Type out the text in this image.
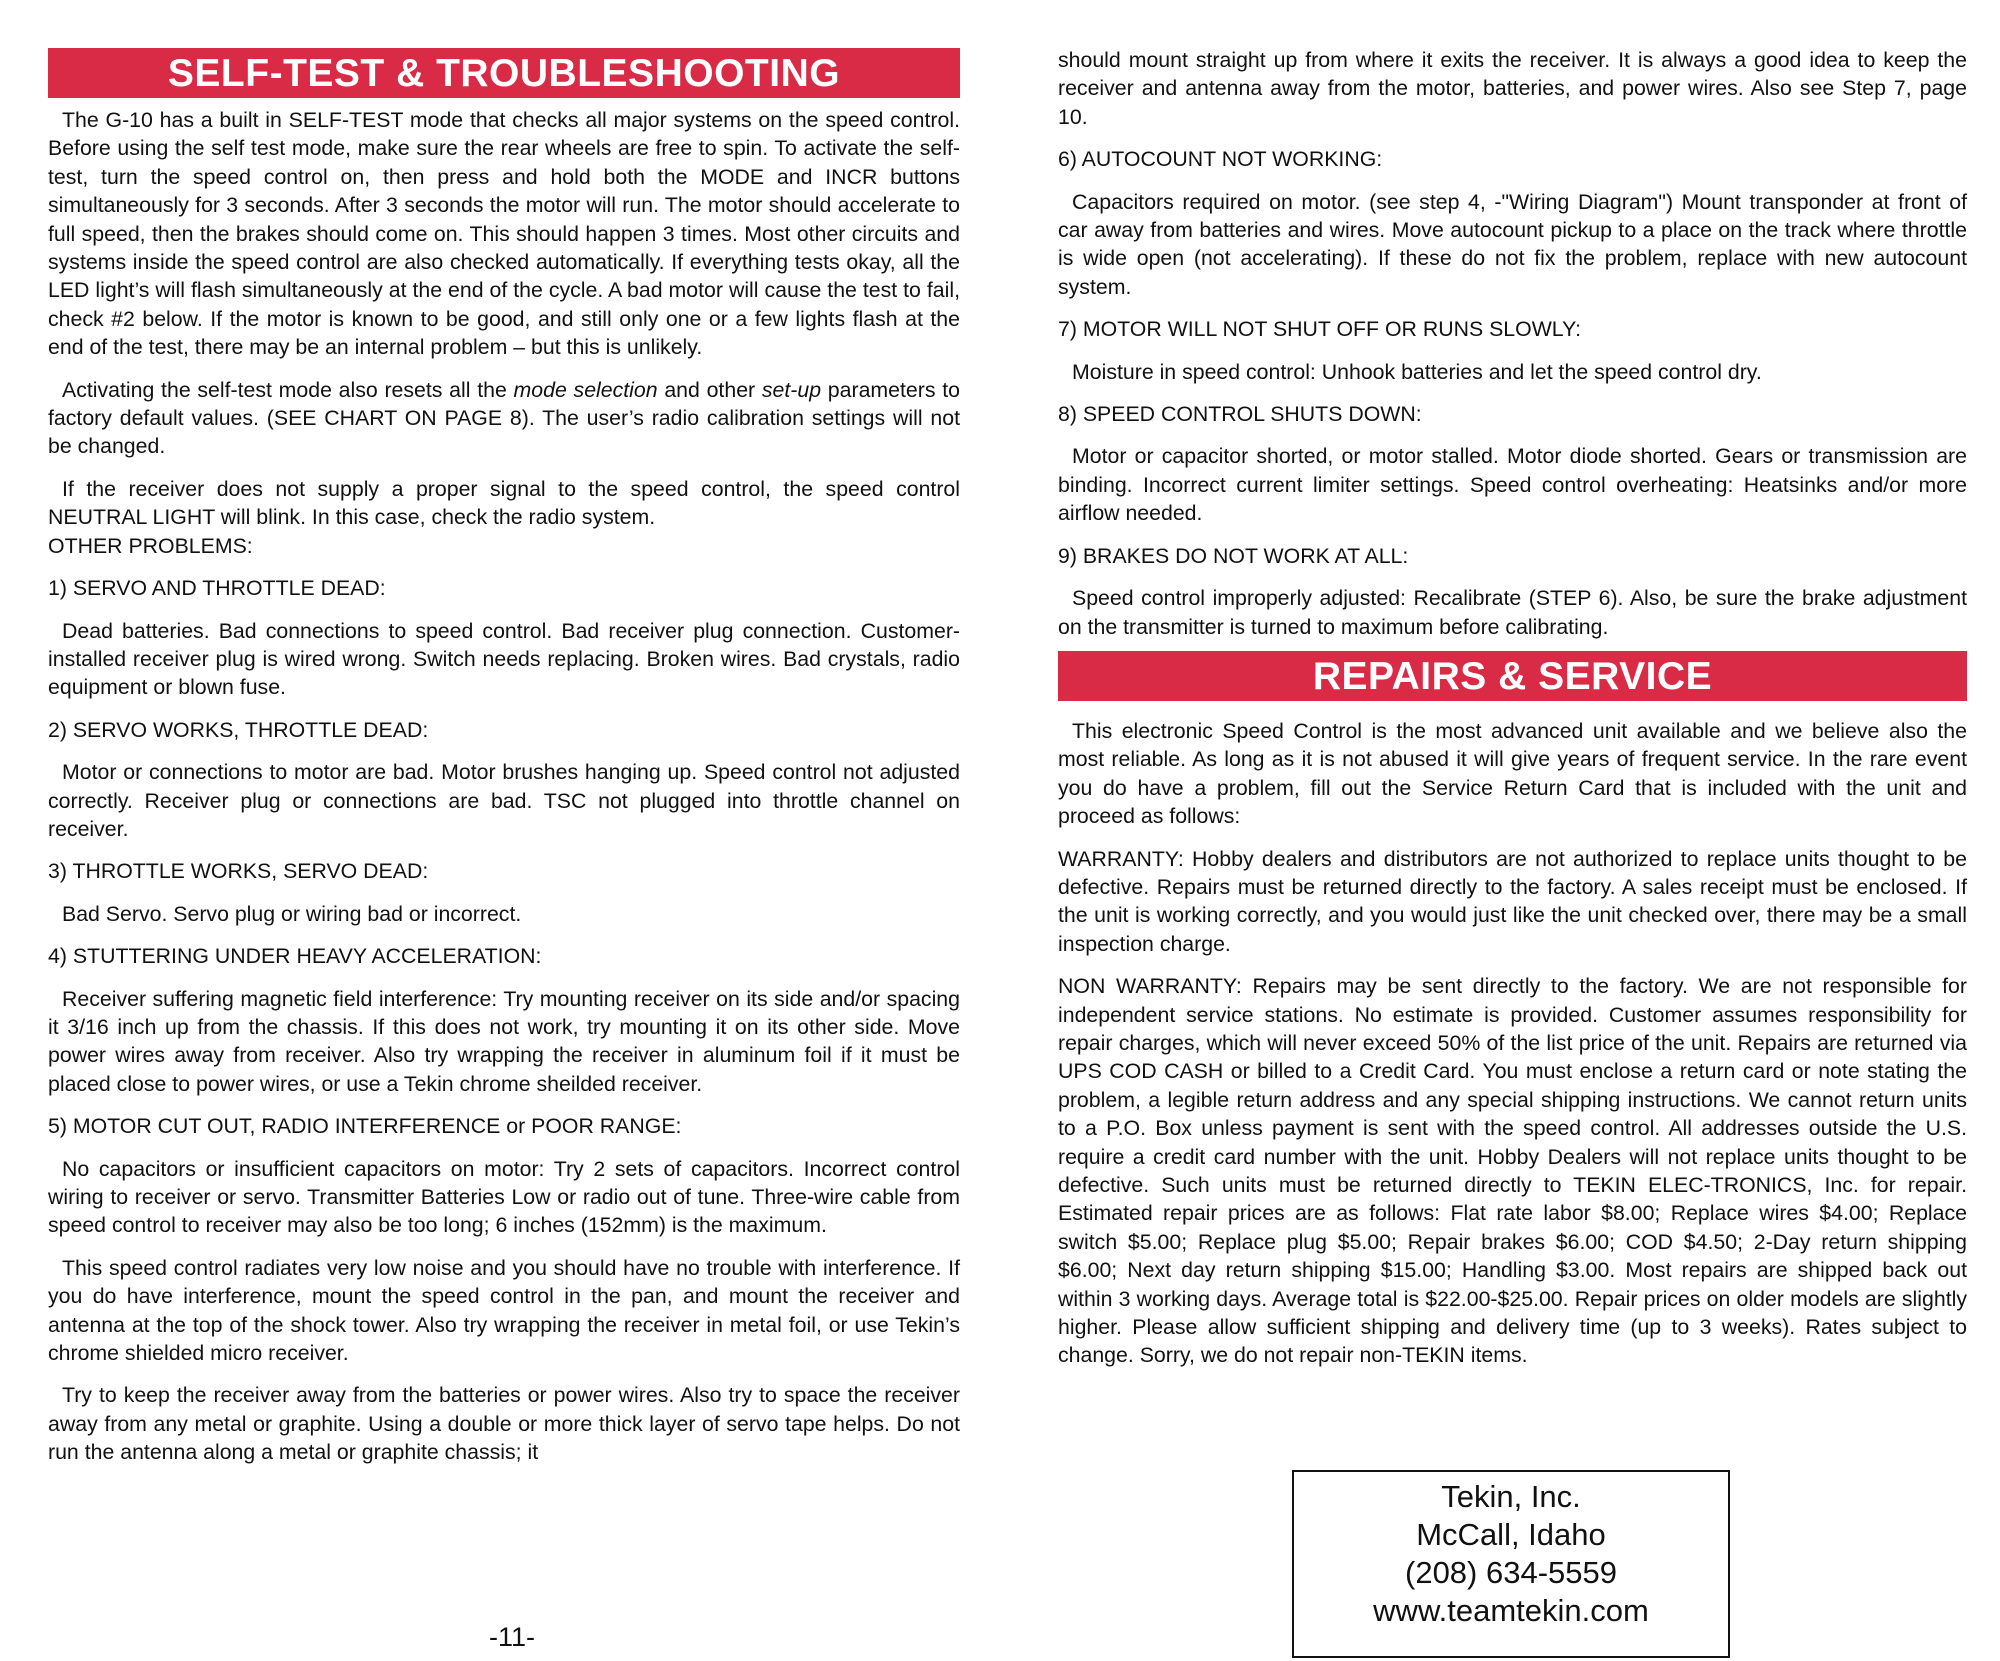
SELF-TEST & TROUBLESHOOTING

The G-10 has a built in SELF-TEST mode that checks all major systems on the speed control. Before using the self test mode, make sure the rear wheels are free to spin. To activate the self-test, turn the speed control on, then press and hold both the MODE and INCR buttons simultaneously for 3 seconds. After 3 seconds the motor will run. The motor should accelerate to full speed, then the brakes should come on. This should happen 3 times. Most other circuits and systems inside the speed control are also checked automatically. If everything tests okay, all the LED light’s will flash simultaneously at the end of the cycle. A bad motor will cause the test to fail, check #2 below. If the motor is known to be good, and still only one or a few lights flash at the end of the test, there may be an internal problem – but this is unlikely.

Activating the self-test mode also resets all the mode selection and other set-up parameters to factory default values. (SEE CHART ON PAGE 8). The user’s radio calibration settings will not be changed.

If the receiver does not supply a proper signal to the speed control, the speed control NEUTRAL LIGHT will blink. In this case, check the radio system.

OTHER PROBLEMS:

1) SERVO AND THROTTLE DEAD:

Dead batteries. Bad connections to speed control. Bad receiver plug connection. Customer-installed receiver plug is wired wrong. Switch needs replacing. Broken wires. Bad crystals, radio equipment or blown fuse.

2) SERVO WORKS, THROTTLE DEAD:

Motor or connections to motor are bad. Motor brushes hanging up. Speed control not adjusted correctly. Receiver plug or connections are bad. TSC not plugged into throttle channel on receiver.

3) THROTTLE WORKS, SERVO DEAD:

Bad Servo. Servo plug or wiring bad or incorrect.

4) STUTTERING UNDER HEAVY ACCELERATION:

Receiver suffering magnetic field interference: Try mounting receiver on its side and/or spacing it 3/16 inch up from the chassis. If this does not work, try mounting it on its other side. Move power wires away from receiver. Also try wrapping the receiver in aluminum foil if it must be placed close to power wires, or use a Tekin chrome sheilded receiver.

5) MOTOR CUT OUT, RADIO INTERFERENCE or POOR RANGE:

No capacitors or insufficient capacitors on motor: Try 2 sets of capacitors. Incorrect control wiring to receiver or servo. Transmitter Batteries Low or radio out of tune. Three-wire cable from speed control to receiver may also be too long; 6 inches (152mm) is the maximum.

This speed control radiates very low noise and you should have no trouble with interference. If you do have interference, mount the speed control in the pan, and mount the receiver and antenna at the top of the shock tower. Also try wrapping the receiver in metal foil, or use Tekin’s chrome shielded micro receiver.

Try to keep the receiver away from the batteries or power wires. Also try to space the receiver away from any metal or graphite. Using a double or more thick layer of servo tape helps. Do not run the antenna along a metal or graphite chassis; it

-11-

should mount straight up from where it exits the receiver. It is always a good idea to keep the receiver and antenna away from the motor, batteries, and power wires. Also see Step 7, page 10.

6) AUTOCOUNT NOT WORKING:

Capacitors required on motor. (see step 4, -"Wiring Diagram") Mount transponder at front of car away from batteries and wires. Move autocount pickup to a place on the track where throttle is wide open (not accelerating). If these do not fix the problem, replace with new autocount system.

7) MOTOR WILL NOT SHUT OFF OR RUNS SLOWLY:

Moisture in speed control: Unhook batteries and let the speed control dry.

8) SPEED CONTROL SHUTS DOWN:

Motor or capacitor shorted, or motor stalled. Motor diode shorted. Gears or transmission are binding. Incorrect current limiter settings. Speed control overheating: Heatsinks and/or more airflow needed.

9) BRAKES DO NOT WORK AT ALL:

Speed control improperly adjusted: Recalibrate (STEP 6). Also, be sure the brake adjustment on the transmitter is turned to maximum before calibrating.

REPAIRS & SERVICE

This electronic Speed Control is the most advanced unit available and we believe also the most reliable. As long as it is not abused it will give years of frequent service. In the rare event you do have a problem, fill out the Service Return Card that is included with the unit and proceed as follows:

WARRANTY: Hobby dealers and distributors are not authorized to replace units thought to be defective. Repairs must be returned directly to the factory. A sales receipt must be enclosed. If the unit is working correctly, and you would just like the unit checked over, there may be a small inspection charge.

NON WARRANTY: Repairs may be sent directly to the factory. We are not responsible for independent service stations. No estimate is provided. Customer assumes responsibility for repair charges, which will never exceed 50% of the list price of the unit. Repairs are returned via UPS COD CASH or billed to a Credit Card. You must enclose a return card or note stating the problem, a legible return address and any special shipping instructions. We cannot return units to a P.O. Box unless payment is sent with the speed control. All addresses outside the U.S. require a credit card number with the unit. Hobby Dealers will not replace units thought to be defective. Such units must be returned directly to TEKIN ELEC-TRONICS, Inc. for repair. Estimated repair prices are as follows: Flat rate labor $8.00; Replace wires $4.00; Replace switch $5.00; Replace plug $5.00; Repair brakes $6.00; COD $4.50; 2-Day return shipping $6.00; Next day return shipping $15.00; Handling $3.00. Most repairs are shipped back out within 3 working days. Average total is $22.00-$25.00. Repair prices on older models are slightly higher. Please allow sufficient shipping and delivery time (up to 3 weeks). Rates subject to change. Sorry, we do not repair non-TEKIN items.

Tekin, Inc.
McCall, Idaho
(208) 634-5559
www.teamtekin.com
